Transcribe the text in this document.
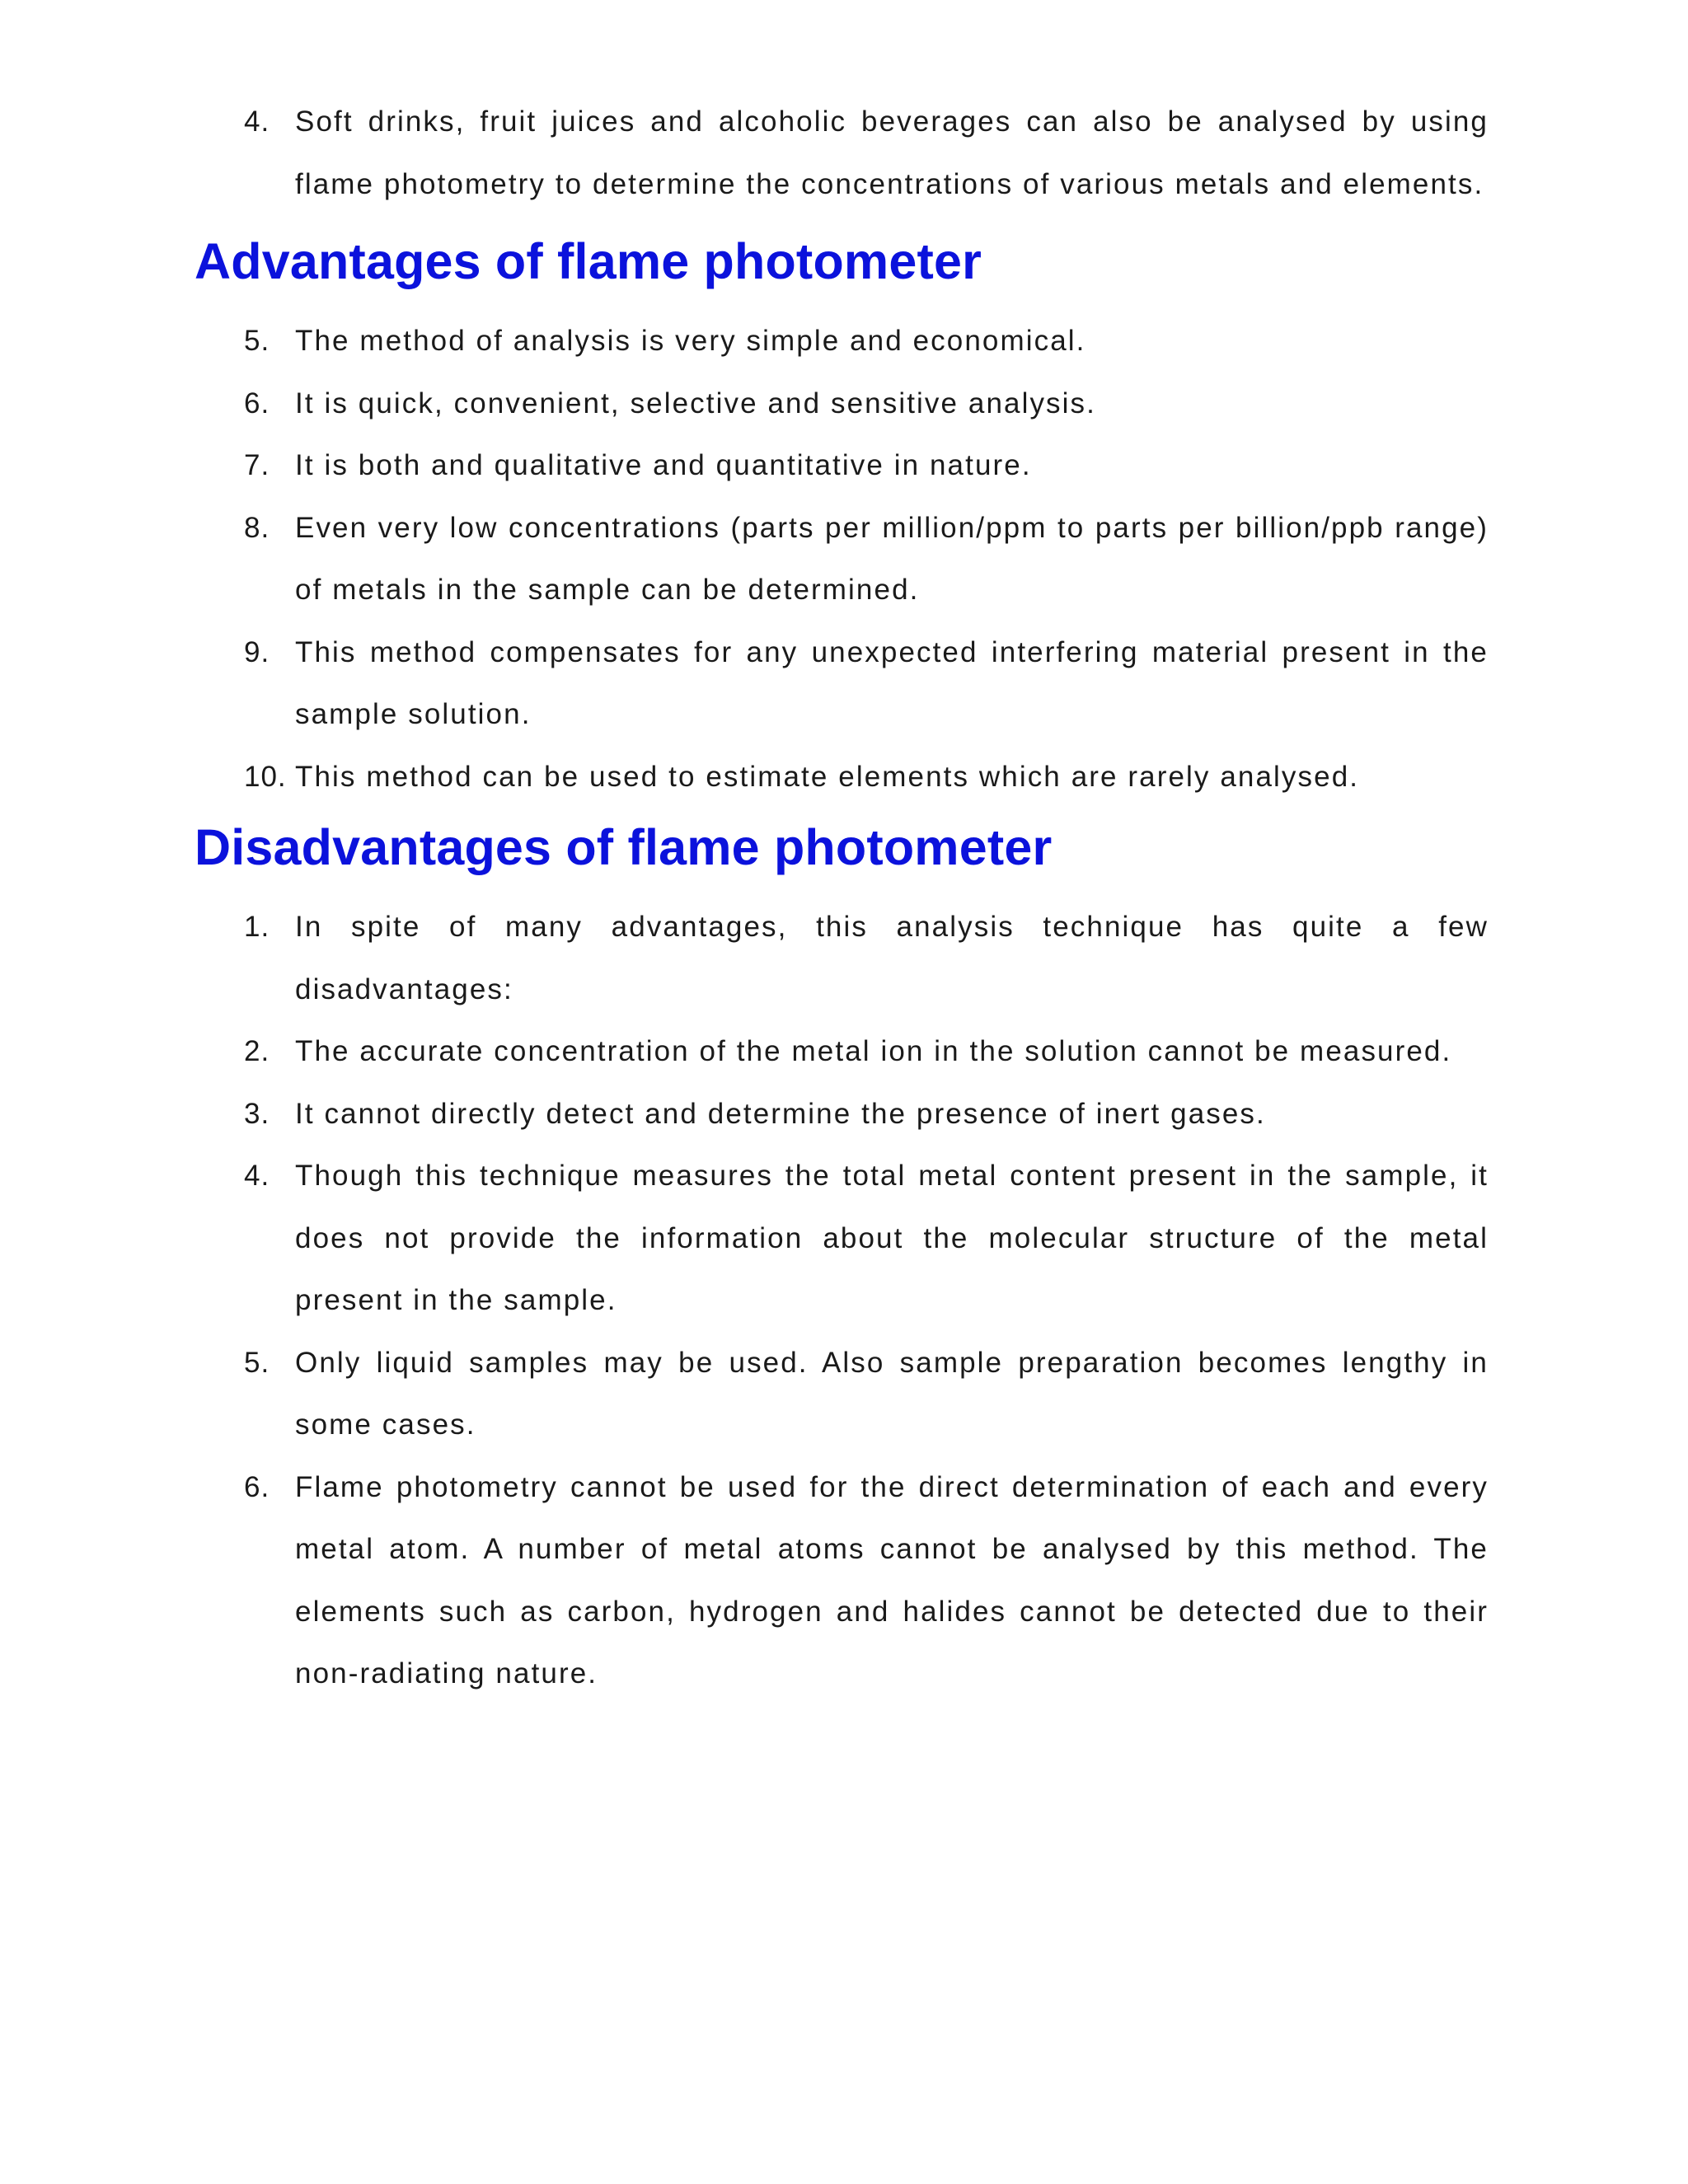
4. Soft drinks, fruit juices and alcoholic beverages can also be analysed by using flame photometry to determine the concentrations of various metals and elements.
Advantages of flame photometer
5. The method of analysis is very simple and economical.
6. It is quick, convenient, selective and sensitive analysis.
7. It is both and qualitative and quantitative in nature.
8. Even very low concentrations (parts per million/ppm to parts per billion/ppb range) of metals in the sample can be determined.
9. This method compensates for any unexpected interfering material present in the sample solution.
10. This method can be used to estimate elements which are rarely analysed.
Disadvantages of flame photometer
1. In spite of many advantages, this analysis technique has quite a few disadvantages:
2. The accurate concentration of the metal ion in the solution cannot be measured.
3. It cannot directly detect and determine the presence of inert gases.
4. Though this technique measures the total metal content present in the sample, it does not provide the information about the molecular structure of the metal present in the sample.
5. Only liquid samples may be used. Also sample preparation becomes lengthy in some cases.
6. Flame photometry cannot be used for the direct determination of each and every metal atom. A number of metal atoms cannot be analysed by this method. The elements such as carbon, hydrogen and halides cannot be detected due to their non-radiating nature.
